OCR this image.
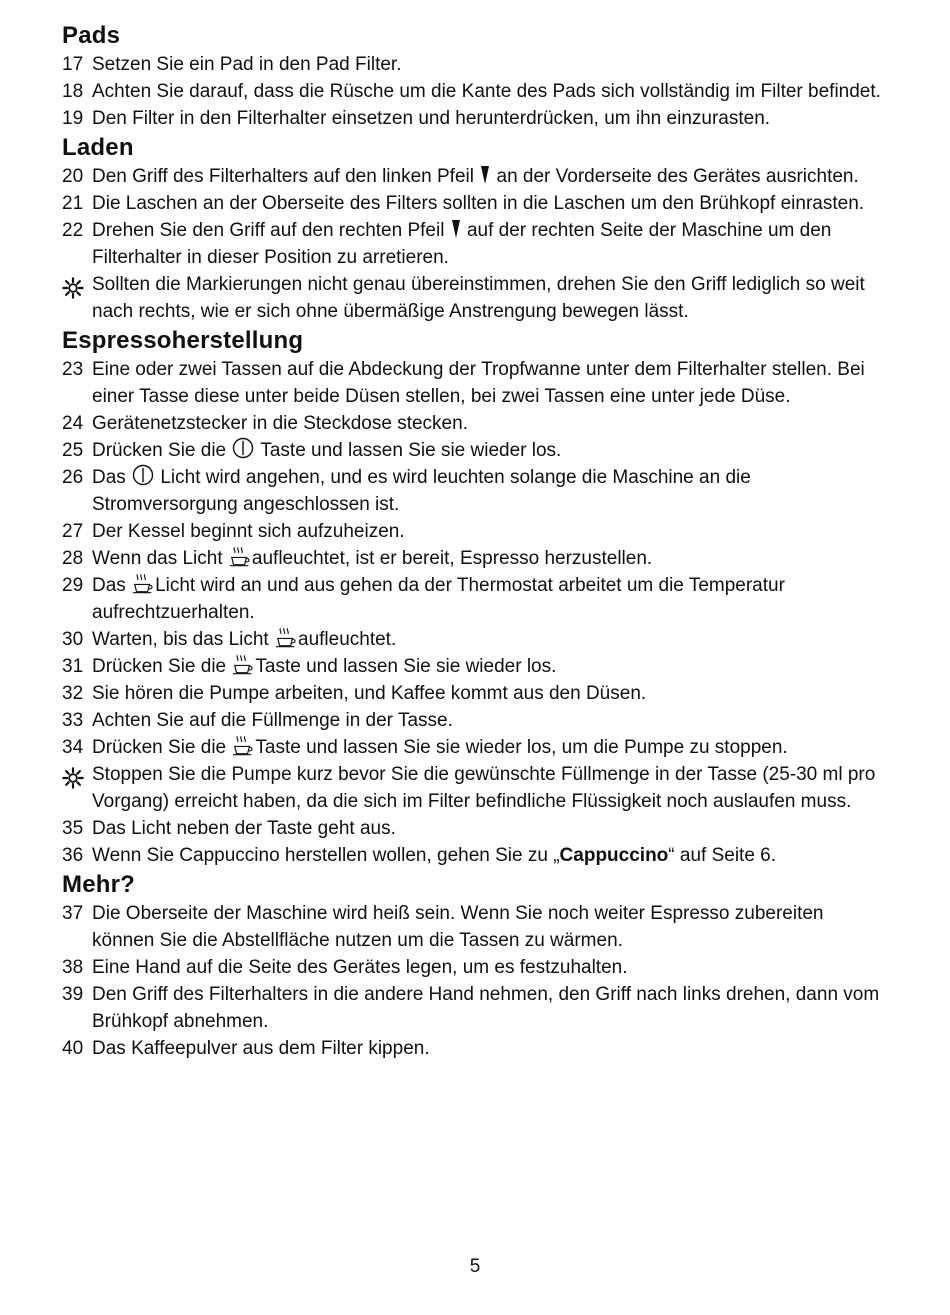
Pads
17 Setzen Sie ein Pad in den Pad Filter.
18 Achten Sie darauf, dass die Rüsche um die Kante des Pads sich vollständig im Filter befindet.
19 Den Filter in den Filterhalter einsetzen und herunterdrücken, um ihn einzurasten.
Laden
20 Den Griff des Filterhalters auf den linken Pfeil an der Vorderseite des Gerätes ausrichten.
21 Die Laschen an der Oberseite des Filters sollten in die Laschen um den Brühkopf einrasten.
22 Drehen Sie den Griff auf den rechten Pfeil auf der rechten Seite der Maschine um den Filterhalter in dieser Position zu arretieren.
Sollten die Markierungen nicht genau übereinstimmen, drehen Sie den Griff lediglich so weit nach rechts, wie er sich ohne übermäßige Anstrengung bewegen lässt.
Espressoherstellung
23 Eine oder zwei Tassen auf die Abdeckung der Tropfwanne unter dem Filterhalter stellen. Bei einer Tasse diese unter beide Düsen stellen, bei zwei Tassen eine unter jede Düse.
24 Gerätenetzstecker in die Steckdose stecken.
25 Drücken Sie die Taste und lassen Sie sie wieder los.
26 Das Licht wird angehen, und es wird leuchten solange die Maschine an die Stromversorgung angeschlossen ist.
27 Der Kessel beginnt sich aufzuheizen.
28 Wenn das Licht aufleuchtet, ist er bereit, Espresso herzustellen.
29 Das Licht wird an und aus gehen da der Thermostat arbeitet um die Temperatur aufrechtzuerhalten.
30 Warten, bis das Licht aufleuchtet.
31 Drücken Sie die Taste und lassen Sie sie wieder los.
32 Sie hören die Pumpe arbeiten, und Kaffee kommt aus den Düsen.
33 Achten Sie auf die Füllmenge in der Tasse.
34 Drücken Sie die Taste und lassen Sie sie wieder los, um die Pumpe zu stoppen.
Stoppen Sie die Pumpe kurz bevor Sie die gewünschte Füllmenge in der Tasse (25-30 ml pro Vorgang) erreicht haben, da die sich im Filter befindliche Flüssigkeit noch auslaufen muss.
35 Das Licht neben der Taste geht aus.
36 Wenn Sie Cappuccino herstellen wollen, gehen Sie zu „Cappuccino“ auf Seite 6.
Mehr?
37 Die Oberseite der Maschine wird heiß sein. Wenn Sie noch weiter Espresso zubereiten können Sie die Abstellfläche nutzen um die Tassen zu wärmen.
38 Eine Hand auf die Seite des Gerätes legen, um es festzuhalten.
39 Den Griff des Filterhalters in die andere Hand nehmen, den Griff nach links drehen, dann vom Brühkopf abnehmen.
40 Das Kaffeepulver aus dem Filter kippen.
5
